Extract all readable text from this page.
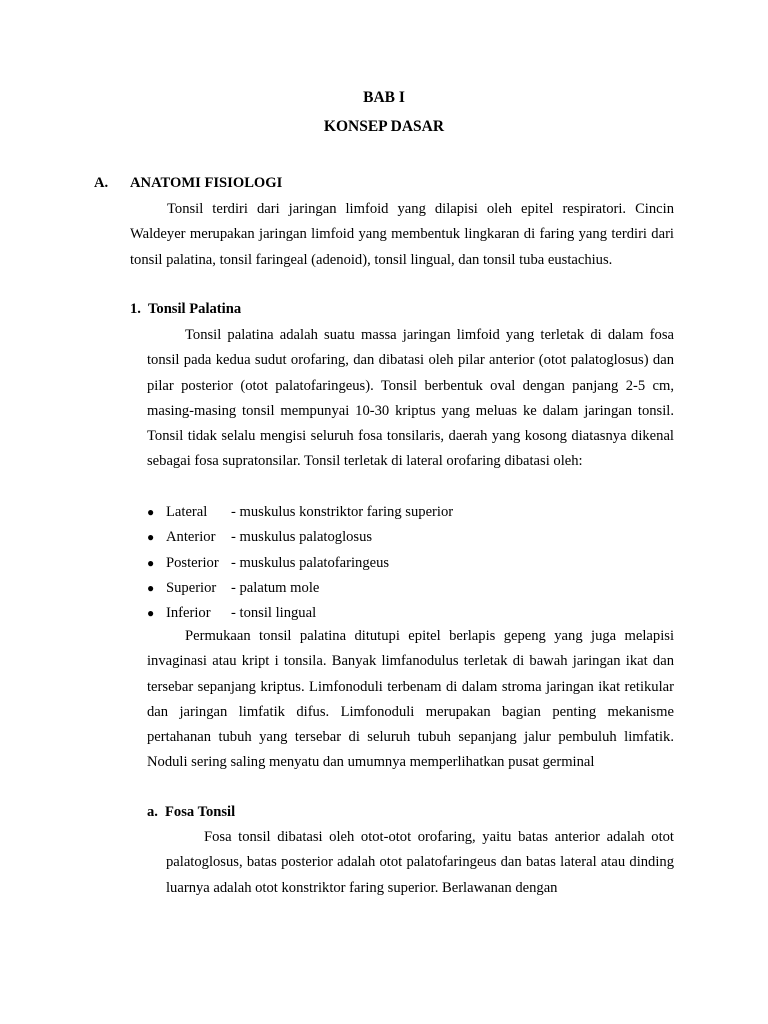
BAB I
KONSEP DASAR
A. ANATOMI FISIOLOGI

Tonsil terdiri dari jaringan limfoid yang dilapisi oleh epitel respiratori. Cincin Waldeyer merupakan jaringan limfoid yang membentuk lingkaran di faring yang terdiri dari tonsil palatina, tonsil faringeal (adenoid), tonsil lingual, dan tonsil tuba eustachius.

1. Tonsil Palatina

Tonsil palatina adalah suatu massa jaringan limfoid yang terletak di dalam fosa tonsil pada kedua sudut orofaring, dan dibatasi oleh pilar anterior (otot palatoglosus) dan pilar posterior (otot palatofaringeus). Tonsil berbentuk oval dengan panjang 2-5 cm, masing-masing tonsil mempunyai 10-30 kriptus yang meluas ke dalam jaringan tonsil. Tonsil tidak selalu mengisi seluruh fosa tonsilaris, daerah yang kosong diatasnya dikenal sebagai fosa supratonsilar. Tonsil terletak di lateral orofaring dibatasi oleh:

● Lateral - muskulus konstriktor faring superior
● Anterior - muskulus palatoglosus
● Posterior - muskulus palatofaringeus
● Superior - palatum mole
● Inferior - tonsil lingual

Permukaan tonsil palatina ditutupi epitel berlapis gepeng yang juga melapisi invaginasi atau kript i tonsila. Banyak limfanodulus terletak di bawah jaringan ikat dan tersebar sepanjang kriptus. Limfonoduli terbenam di dalam stroma jaringan ikat retikular dan jaringan limfatik difus. Limfonoduli merupakan bagian penting mekanisme pertahanan tubuh yang tersebar di seluruh tubuh sepanjang jalur pembuluh limfatik. Noduli sering saling menyatu dan umumnya memperlihatkan pusat germinal

a. Fosa Tonsil

Fosa tonsil dibatasi oleh otot-otot orofaring, yaitu batas anterior adalah otot palatoglosus, batas posterior adalah otot palatofaringeus dan batas lateral atau dinding luarnya adalah otot konstriktor faring superior. Berlawanan dengan
